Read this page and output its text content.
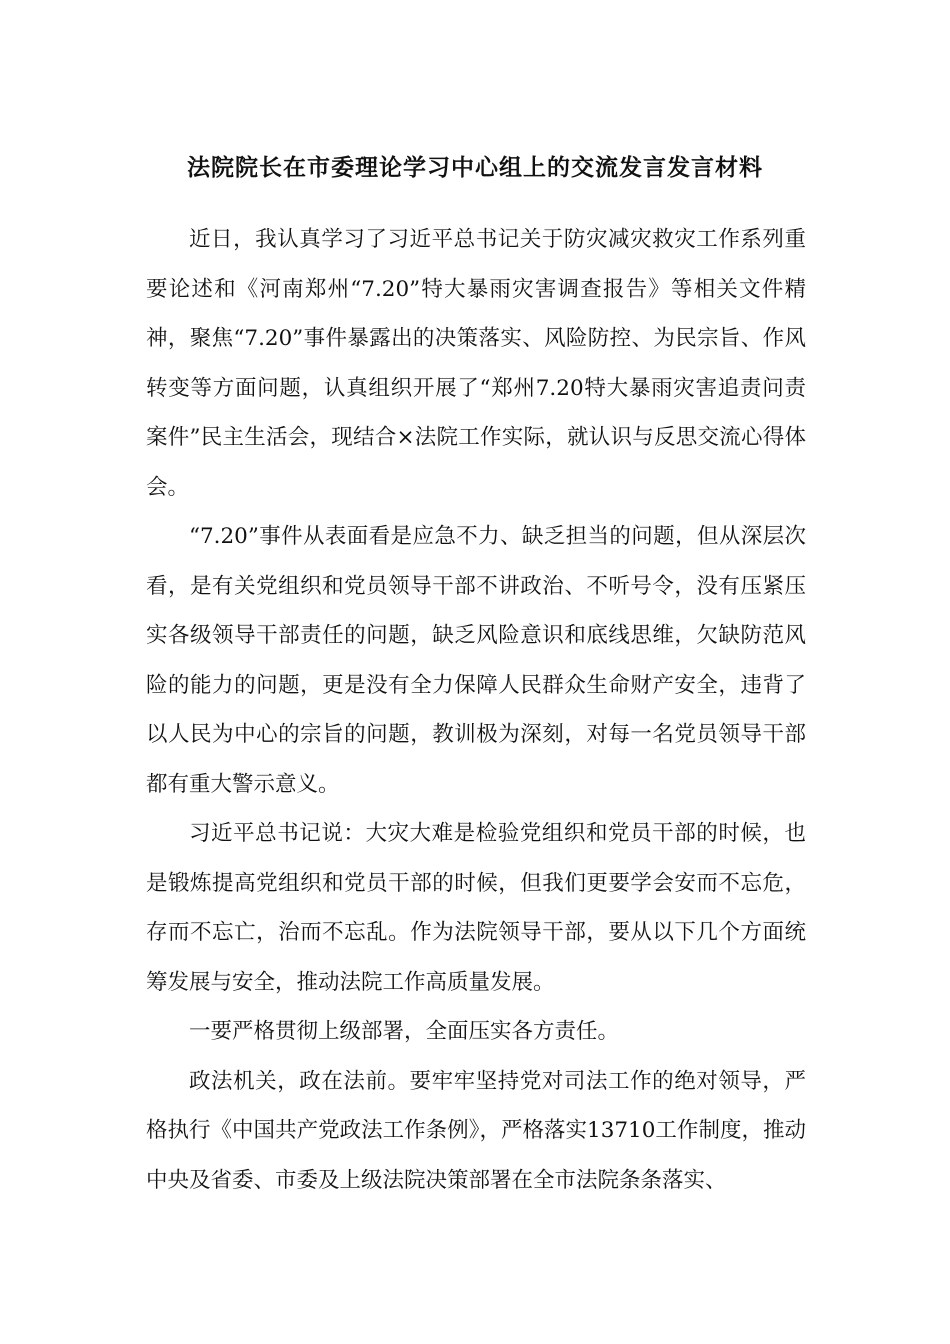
法院院长在市委理论学习中心组上的交流发言发言材料

近日，我认真学习了习近平总书记关于防灾减灾救灾工作系列重要论述和《河南郑州“7.20”特大暴雨灾害调查报告》等相关文件精神，聚焦“7.20”事件暴露出的决策落实、风险防控、为民宗旨、作风转变等方面问题，认真组织开展了“郑州7.20特大暴雨灾害追责问责案件”民主生活会，现结合×法院工作实际，就认识与反思交流心得体会。

“7.20”事件从表面看是应急不力、缺乏担当的问题，但从深层次看，是有关党组织和党员领导干部不讲政治、不听号令，没有压紧压实各级领导干部责任的问题，缺乏风险意识和底线思维，欠缺防范风险的能力的问题，更是没有全力保障人民群众生命财产安全，违背了以人民为中心的宗旨的问题，教训极为深刻，对每一名党员领导干部都有重大警示意义。

习近平总书记说：大灾大难是检验党组织和党员干部的时候，也是锻炼提高党组织和党员干部的时候，但我们更要学会安而不忘危，存而不忘亡，治而不忘乱。作为法院领导干部，要从以下几个方面统筹发展与安全，推动法院工作高质量发展。

一要严格贯彻上级部署，全面压实各方责任。

政法机关，政在法前。要牢牢坚持党对司法工作的绝对领导，严格执行《中国共产党政法工作条例》，严格落实13710工作制度，推动中央及省委、市委及上级法院决策部署在全市法院条条落实、
